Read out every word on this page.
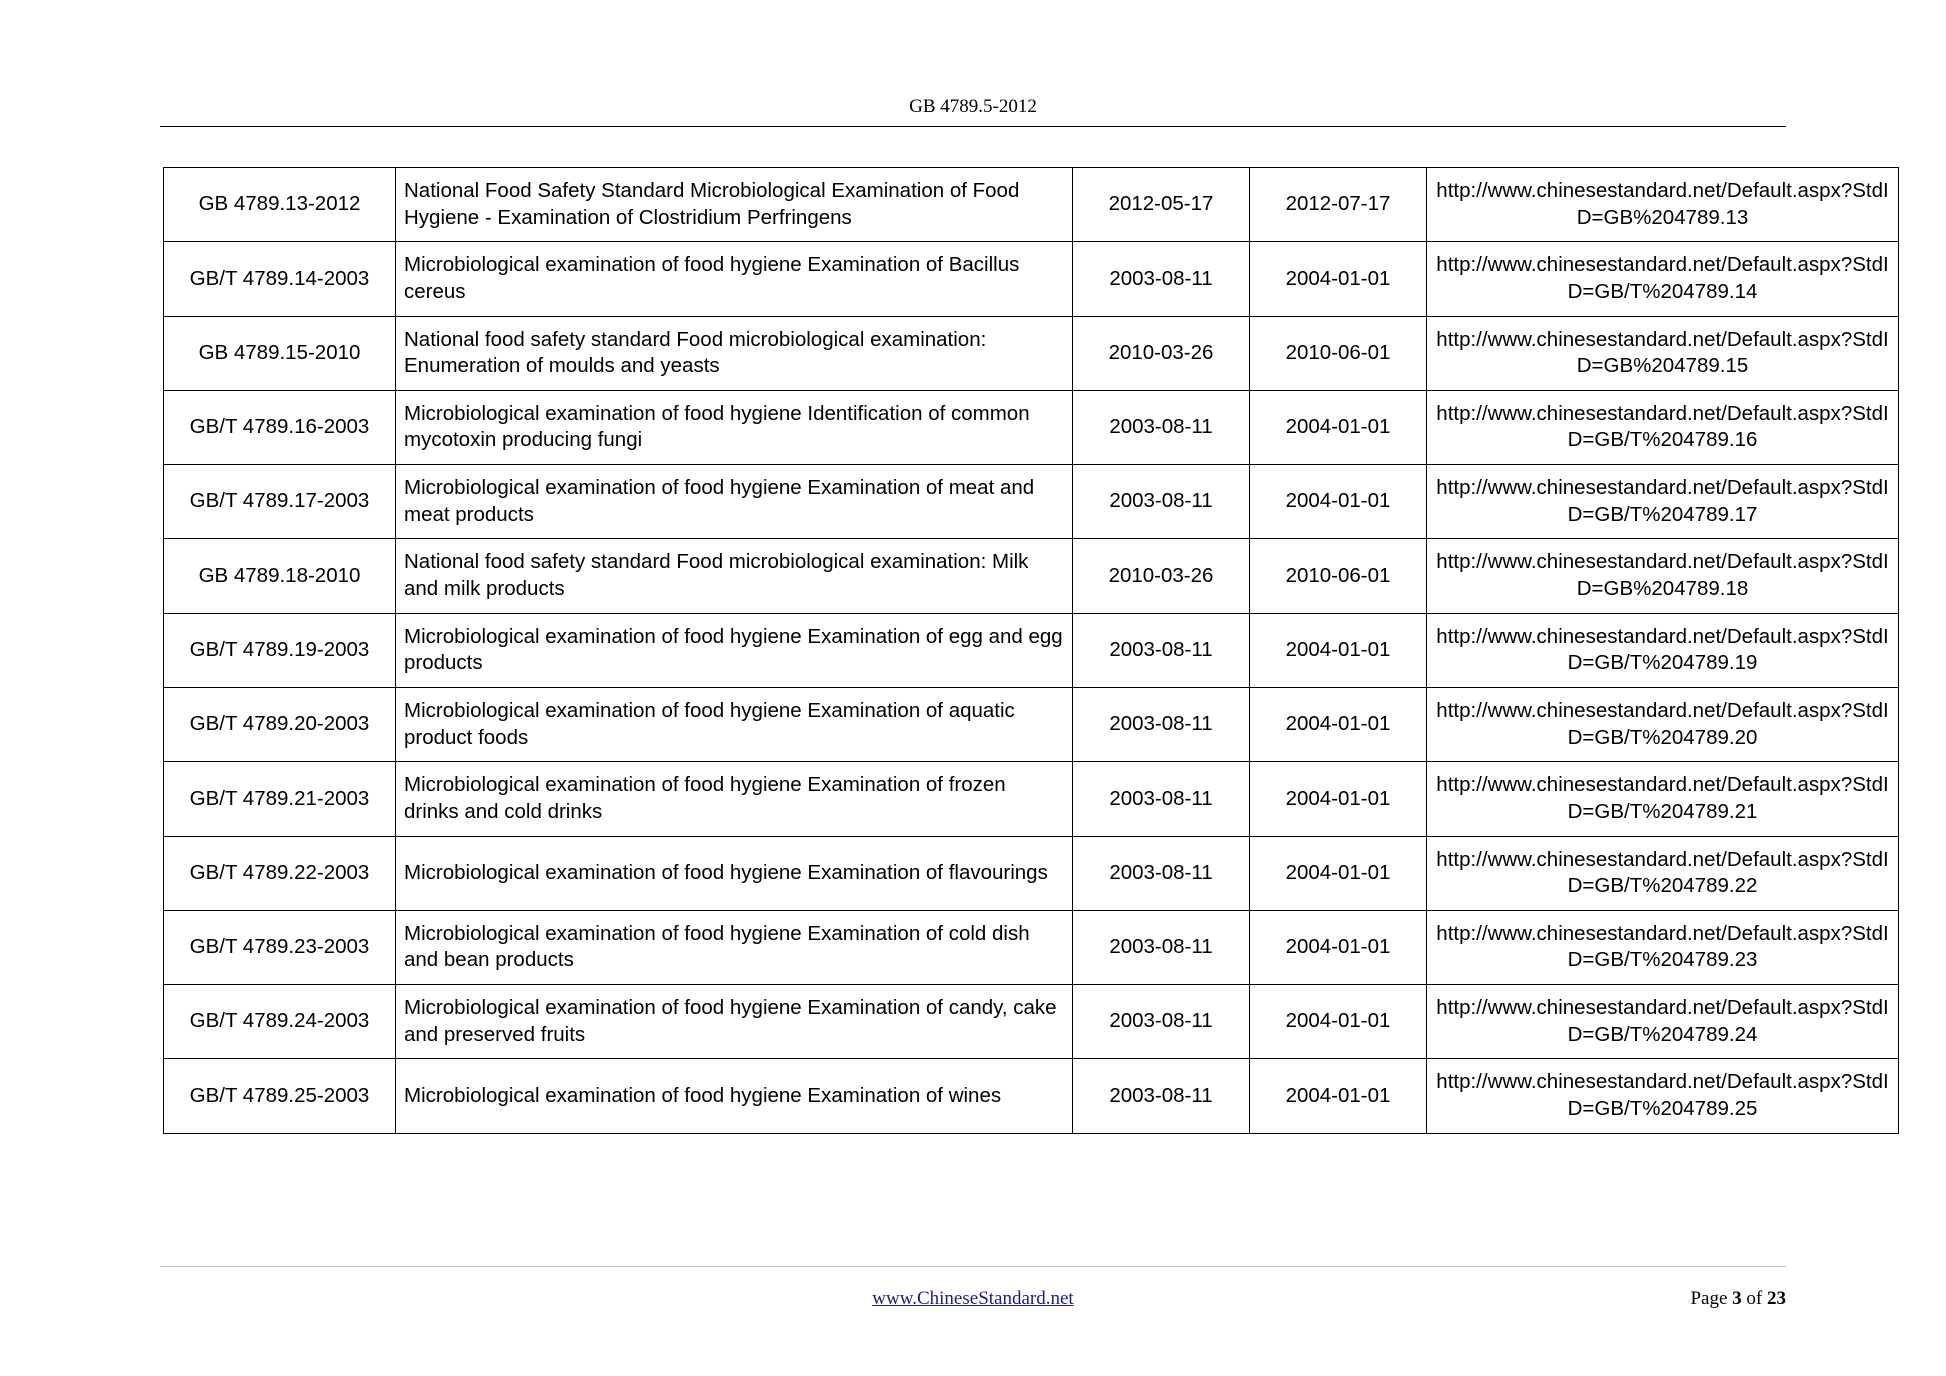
GB 4789.5-2012
GB 4789.13-2012	National Food Safety Standard Microbiological Examination of Food Hygiene - Examination of Clostridium Perfringens	2012-05-17	2012-07-17	http://www.chinesestandard.net/Default.aspx?StdID=GB%204789.13
GB/T 4789.14-2003	Microbiological examination of food hygiene Examination of Bacillus cereus	2003-08-11	2004-01-01	http://www.chinesestandard.net/Default.aspx?StdID=GB/T%204789.14
GB 4789.15-2010	National food safety standard Food microbiological examination: Enumeration of moulds and yeasts	2010-03-26	2010-06-01	http://www.chinesestandard.net/Default.aspx?StdID=GB%204789.15
GB/T 4789.16-2003	Microbiological examination of food hygiene Identification of common mycotoxin producing fungi	2003-08-11	2004-01-01	http://www.chinesestandard.net/Default.aspx?StdID=GB/T%204789.16
GB/T 4789.17-2003	Microbiological examination of food hygiene Examination of meat and meat products	2003-08-11	2004-01-01	http://www.chinesestandard.net/Default.aspx?StdID=GB/T%204789.17
GB 4789.18-2010	National food safety standard Food microbiological examination: Milk and milk products	2010-03-26	2010-06-01	http://www.chinesestandard.net/Default.aspx?StdID=GB%204789.18
GB/T 4789.19-2003	Microbiological examination of food hygiene Examination of egg and egg products	2003-08-11	2004-01-01	http://www.chinesestandard.net/Default.aspx?StdID=GB/T%204789.19
GB/T 4789.20-2003	Microbiological examination of food hygiene Examination of aquatic product foods	2003-08-11	2004-01-01	http://www.chinesestandard.net/Default.aspx?StdID=GB/T%204789.20
GB/T 4789.21-2003	Microbiological examination of food hygiene Examination of frozen drinks and cold drinks	2003-08-11	2004-01-01	http://www.chinesestandard.net/Default.aspx?StdID=GB/T%204789.21
GB/T 4789.22-2003	Microbiological examination of food hygiene Examination of flavourings	2003-08-11	2004-01-01	http://www.chinesestandard.net/Default.aspx?StdID=GB/T%204789.22
GB/T 4789.23-2003	Microbiological examination of food hygiene Examination of cold dish and bean products	2003-08-11	2004-01-01	http://www.chinesestandard.net/Default.aspx?StdID=GB/T%204789.23
GB/T 4789.24-2003	Microbiological examination of food hygiene Examination of candy, cake and preserved fruits	2003-08-11	2004-01-01	http://www.chinesestandard.net/Default.aspx?StdID=GB/T%204789.24
GB/T 4789.25-2003	Microbiological examination of food hygiene Examination of wines	2003-08-11	2004-01-01	http://www.chinesestandard.net/Default.aspx?StdID=GB/T%204789.25
www.ChineseStandard.net	Page 3 of 23
